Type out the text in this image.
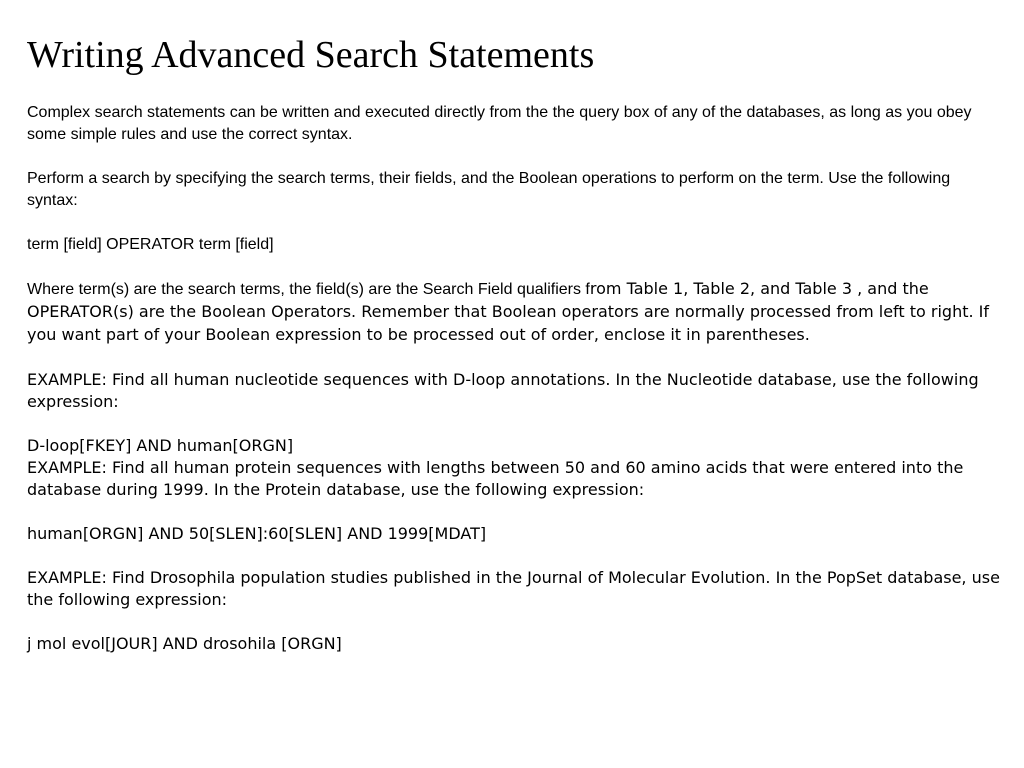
Writing Advanced Search Statements

Complex search statements can be written and executed directly from the the query box of any of the databases, as long as you obey some simple rules and use the correct syntax.

Perform a search by specifying the search terms, their fields, and the Boolean operations to perform on the term. Use the following syntax:

term [field] OPERATOR term [field]

Where term(s) are the search terms, the field(s) are the Search Field qualifiers from Table 1, Table 2, and Table 3 , and the OPERATOR(s) are the Boolean Operators. Remember that Boolean operators are normally processed from left to right. If you want part of your Boolean expression to be processed out of order, enclose it in parentheses.

EXAMPLE: Find all human nucleotide sequences with D-loop annotations. In the Nucleotide database, use the following expression:

D-loop[FKEY] AND human[ORGN]

EXAMPLE: Find all human protein sequences with lengths between 50 and 60 amino acids that were entered into the database during 1999. In the Protein database, use the following expression:

human[ORGN] AND 50[SLEN]:60[SLEN] AND 1999[MDAT]

EXAMPLE: Find Drosophila population studies published in the Journal of Molecular Evolution. In the PopSet database, use the following expression:

j mol evol[JOUR] AND drosohila [ORGN]
